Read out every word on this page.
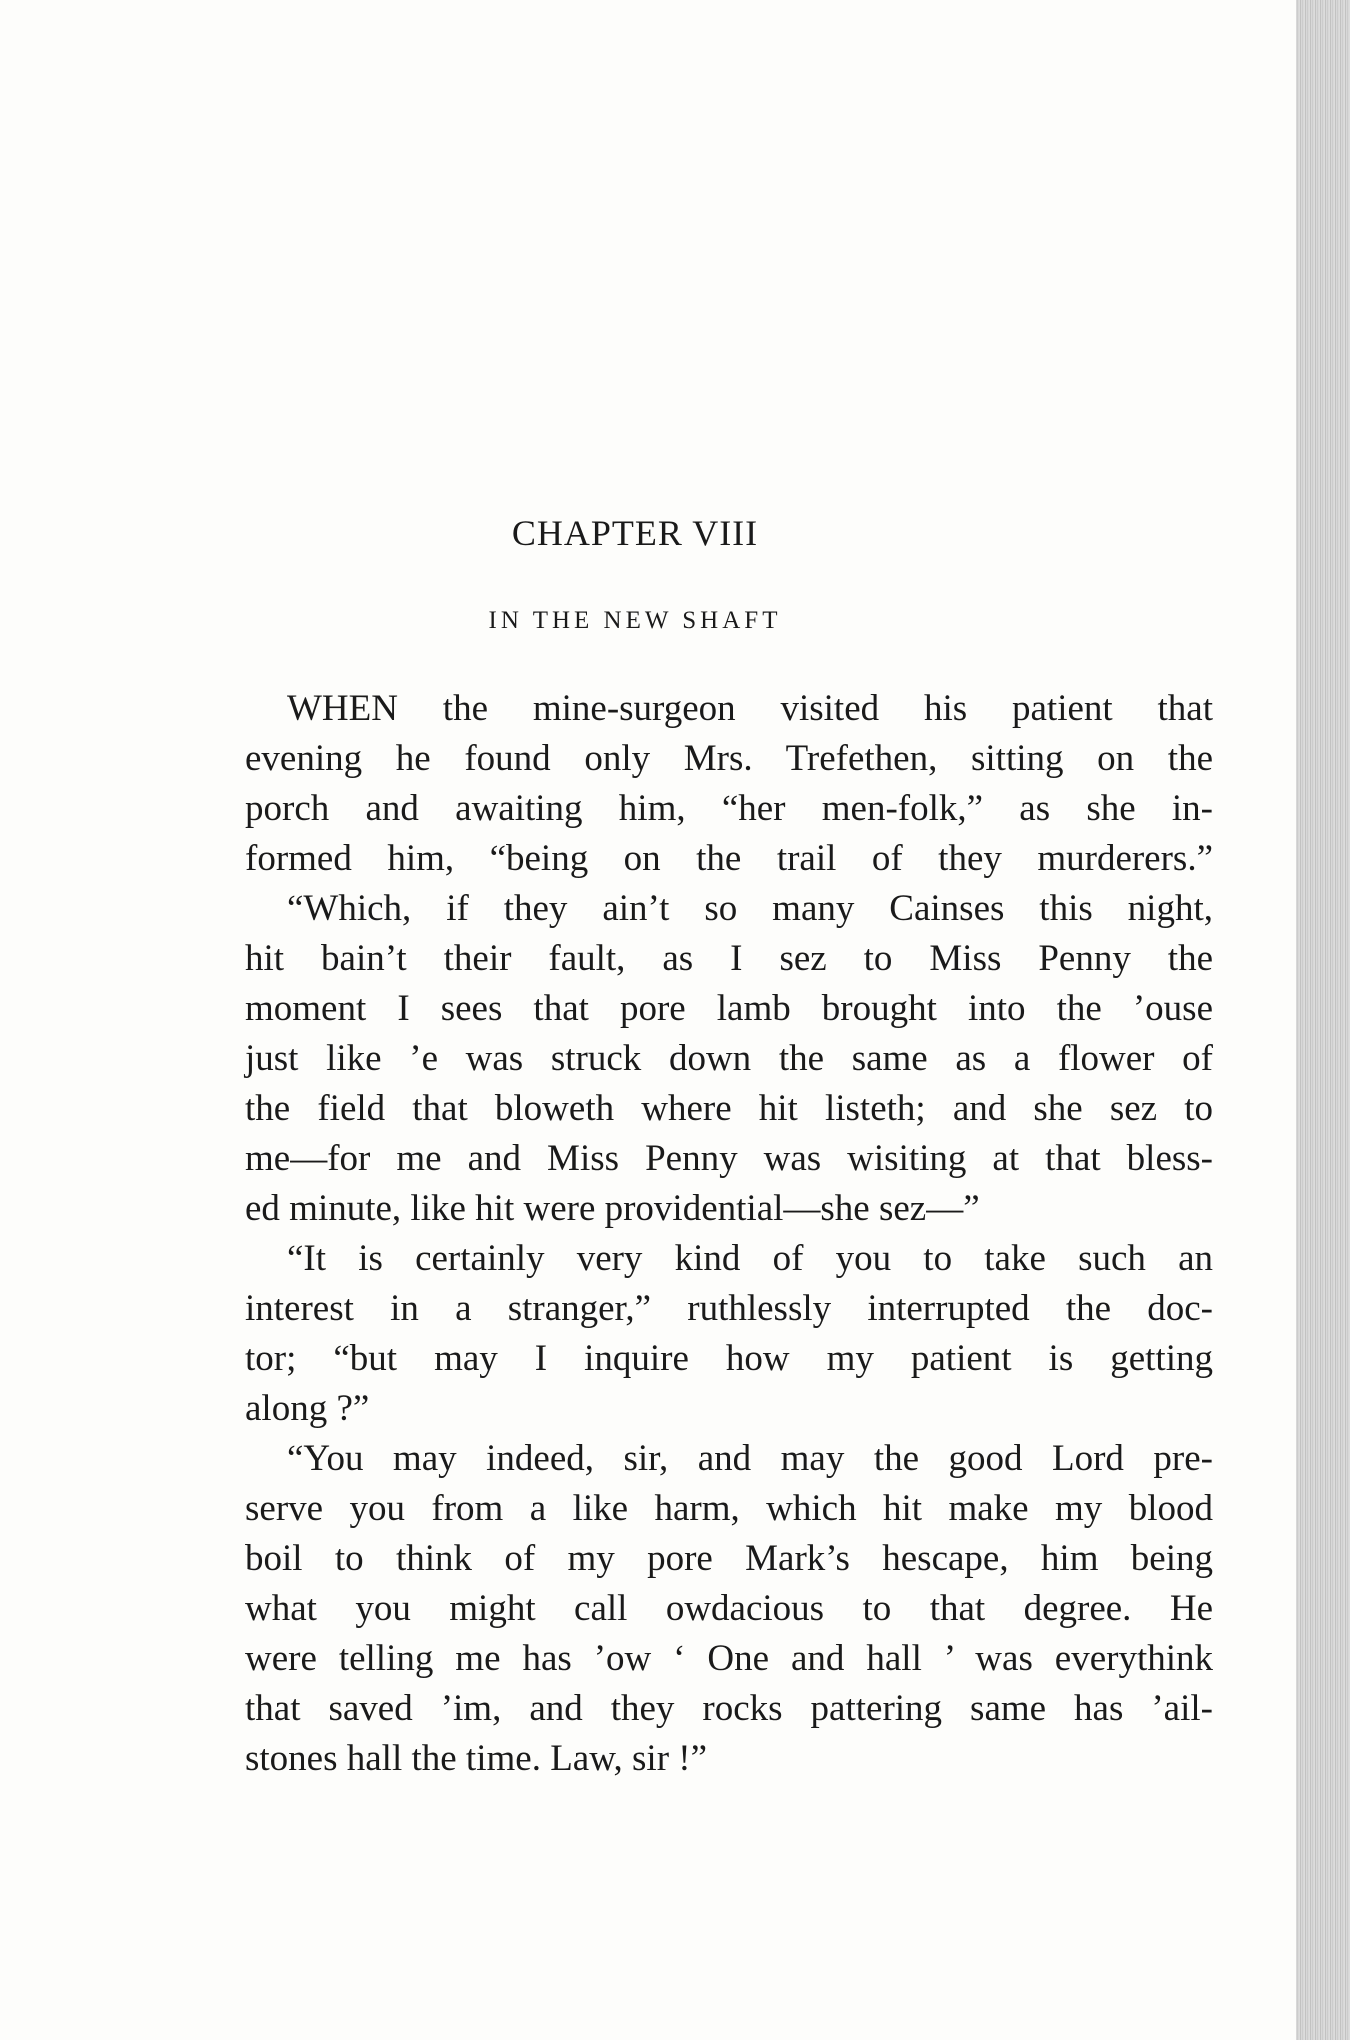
CHAPTER VIII
IN THE NEW SHAFT
WHEN the mine-surgeon visited his patient that
evening he found only Mrs. Trefethen, sitting on the
porch and awaiting him, “her men-folk,” as she in-
formed him, “being on the trail of they murderers.”
“Which, if they ain’t so many Cainses this night,
hit bain’t their fault, as I sez to Miss Penny the
moment I sees that pore lamb brought into the ’ouse
just like ’e was struck down the same as a flower of
the field that bloweth where hit listeth; and she sez to
me—for me and Miss Penny was wisiting at that bless-
ed minute, like hit were providential—she sez—”
“It is certainly very kind of you to take such an
interest in a stranger,” ruthlessly interrupted the doc-
tor; “but may I inquire how my patient is getting
along ?”
“You may indeed, sir, and may the good Lord pre-
serve you from a like harm, which hit make my blood
boil to think of my pore Mark’s hescape, him being
what you might call owdacious to that degree. He
were telling me has ’ow ‘ One and hall ’ was everythink
that saved ’im, and they rocks pattering same has ’ail-
stones hall the time. Law, sir !”
